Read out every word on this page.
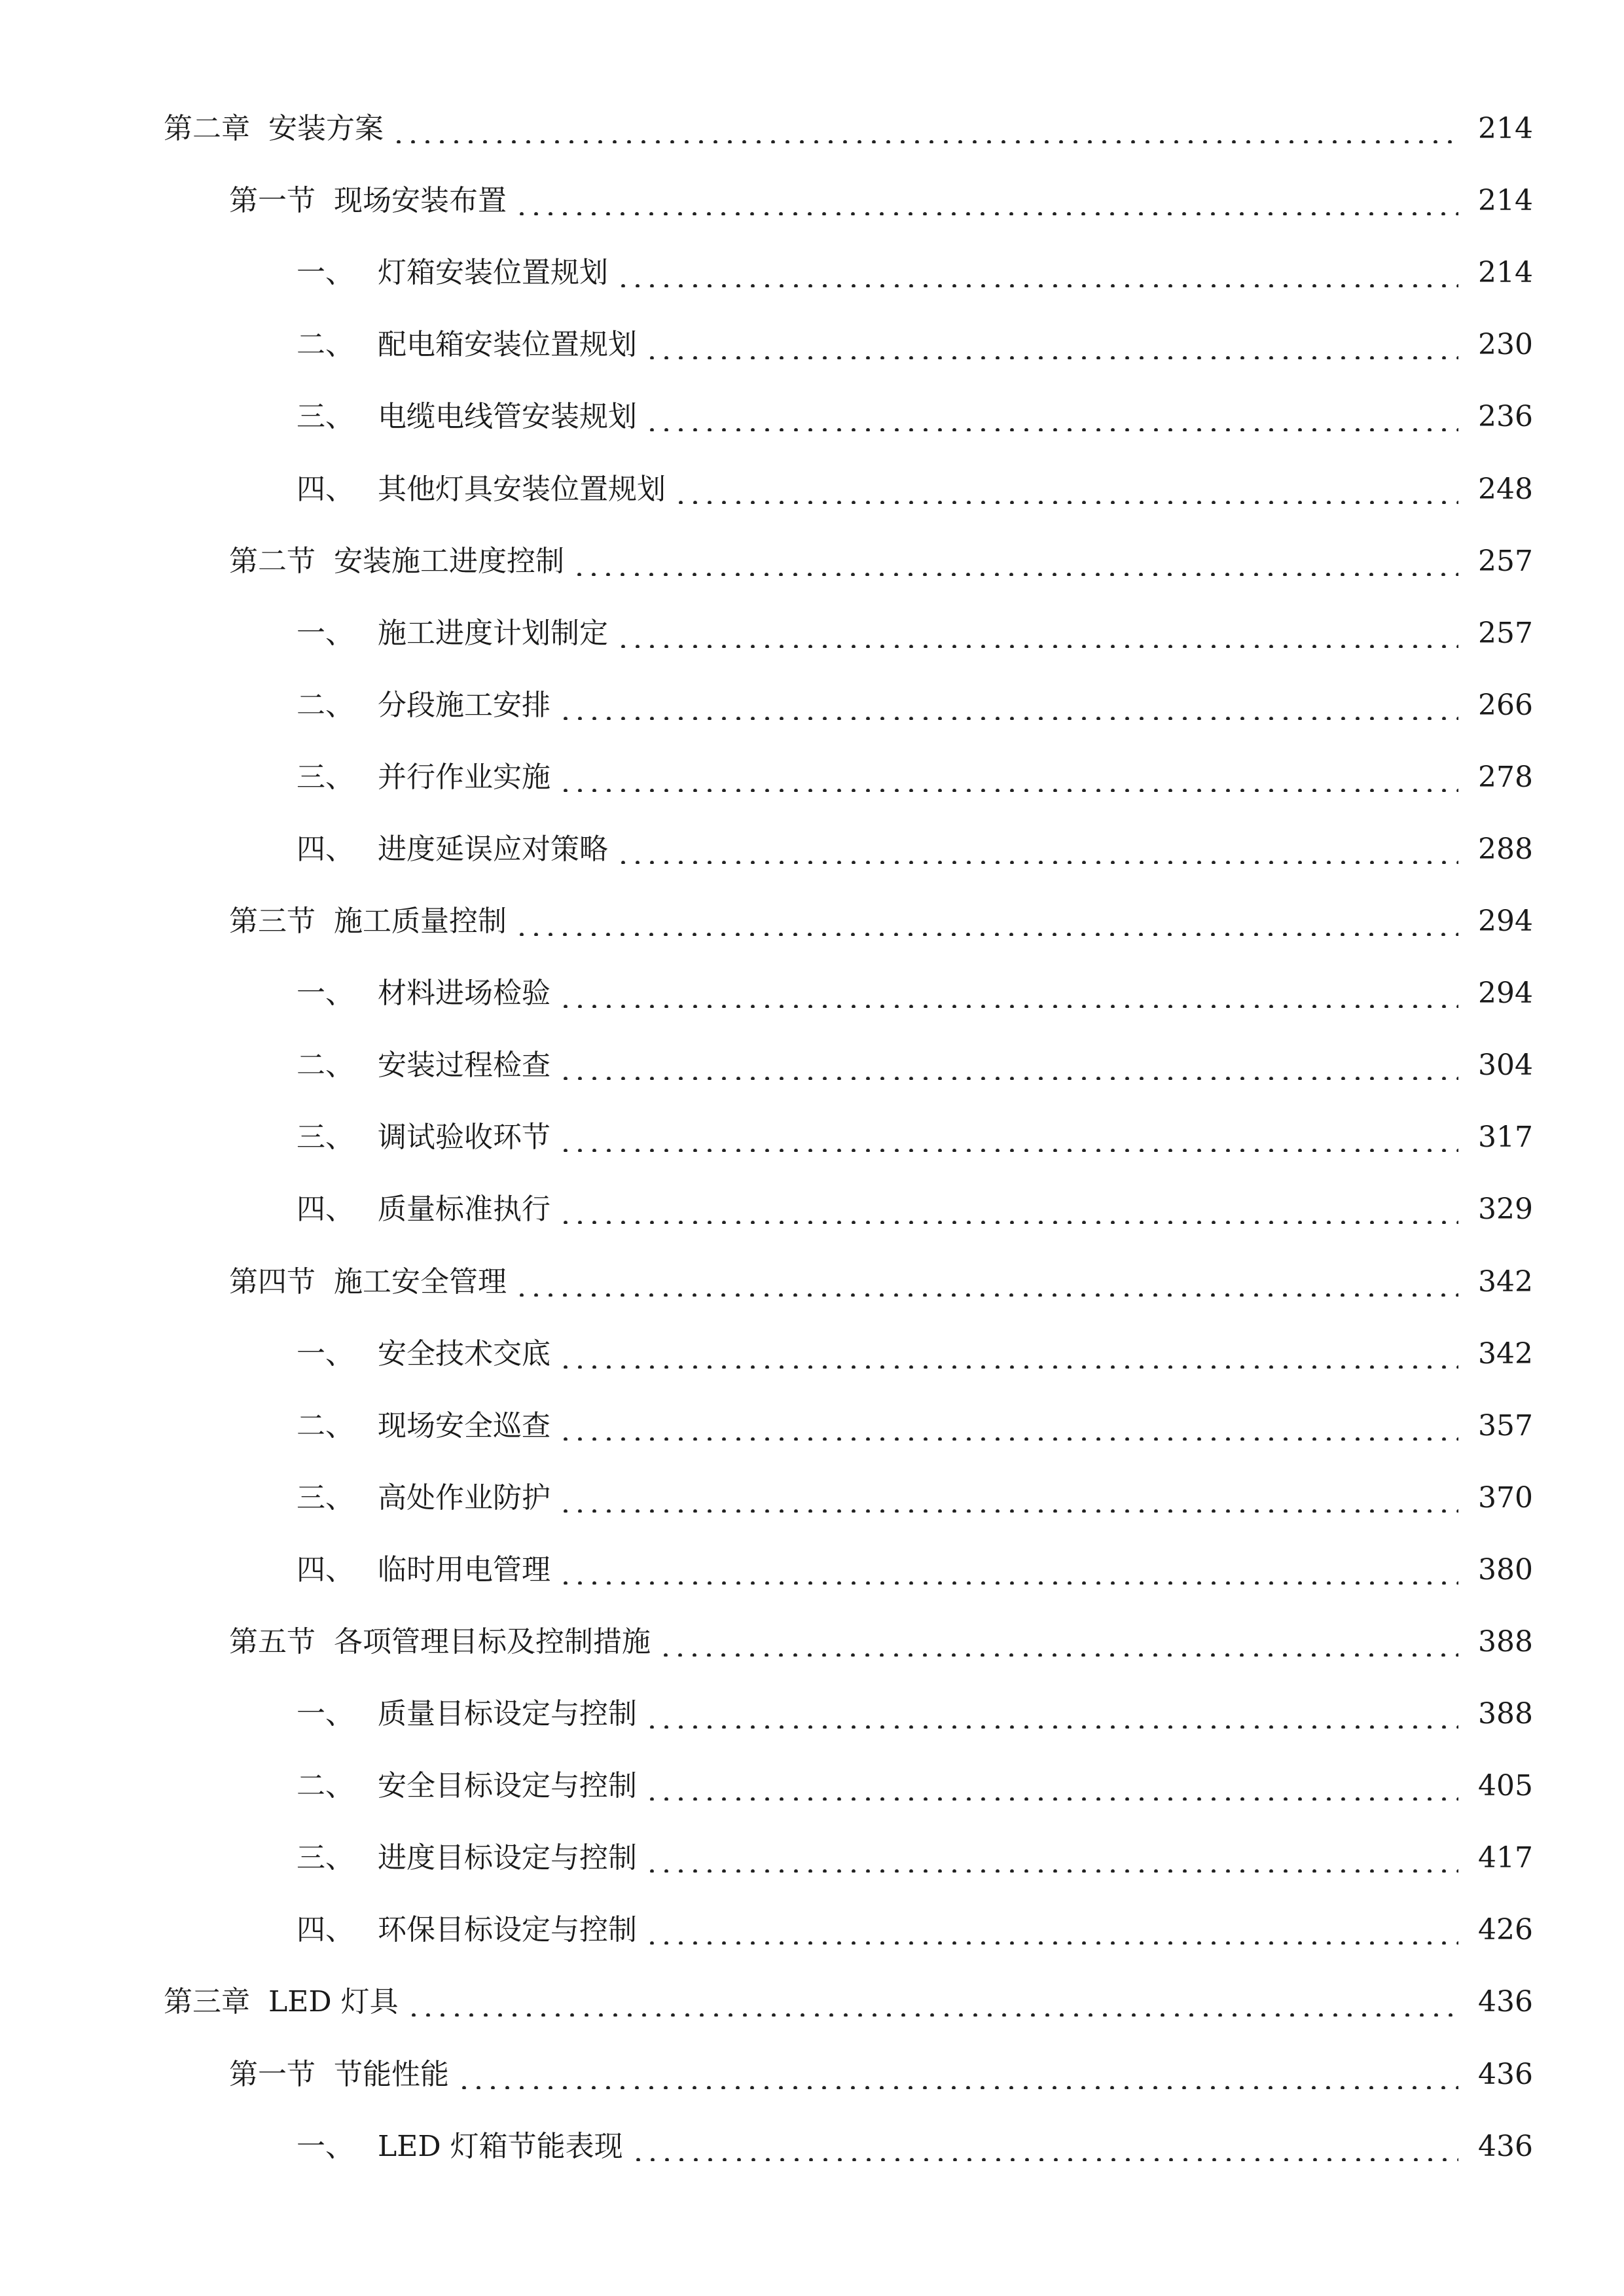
第二章 安装方案	214
第一节 现场安装布置	214
一、 灯箱安装位置规划	214
二、 配电箱安装位置规划	230
三、 电缆电线管安装规划	236
四、 其他灯具安装位置规划	248
第二节 安装施工进度控制	257
一、 施工进度计划制定	257
二、 分段施工安排	266
三、 并行作业实施	278
四、 进度延误应对策略	288
第三节 施工质量控制	294
一、 材料进场检验	294
二、 安装过程检查	304
三、 调试验收环节	317
四、 质量标准执行	329
第四节 施工安全管理	342
一、 安全技术交底	342
二、 现场安全巡查	357
三、 高处作业防护	370
四、 临时用电管理	380
第五节 各项管理目标及控制措施	388
一、 质量目标设定与控制	388
二、 安全目标设定与控制	405
三、 进度目标设定与控制	417
四、 环保目标设定与控制	426
第三章 LED 灯具	436
第一节 节能性能	436
一、 LED 灯箱节能表现	436
